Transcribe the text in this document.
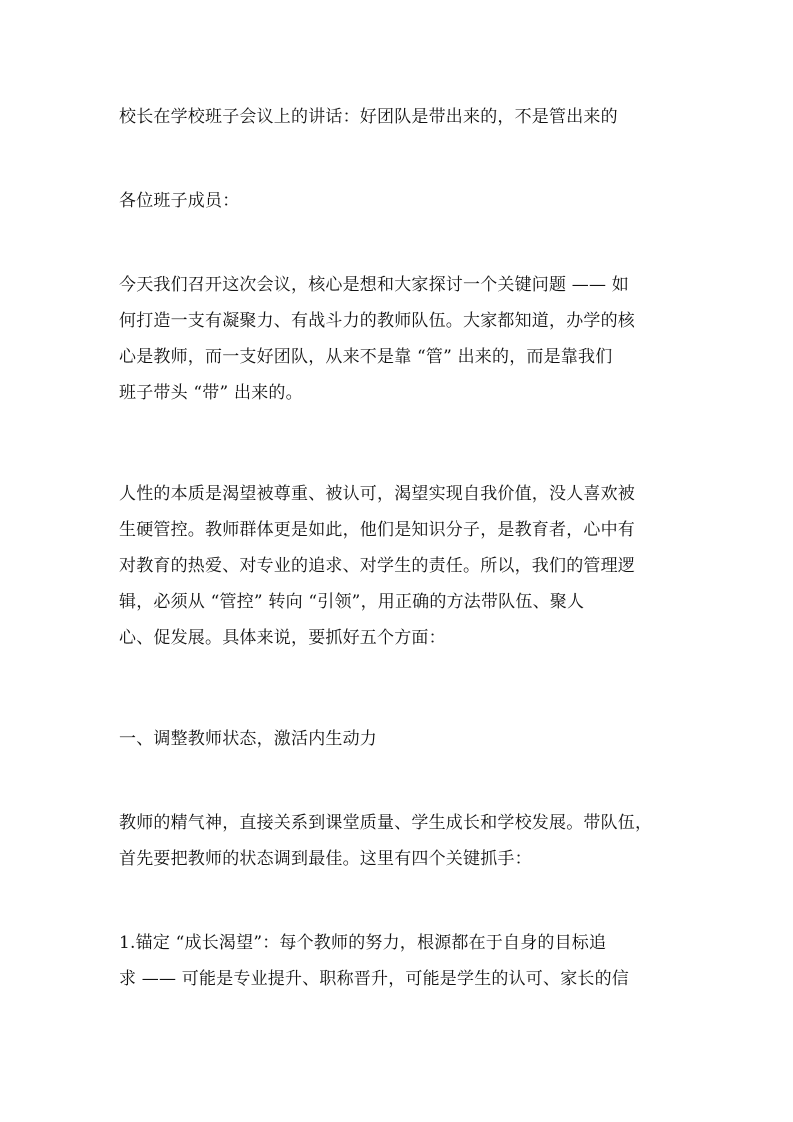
校长在学校班子会议上的讲话：好团队是带出来的，不是管出来的
各位班子成员：
今天我们召开这次会议，核心是想和大家探讨一个关键问题 —— 如
何打造一支有凝聚力、有战斗力的教师队伍。大家都知道，办学的核
心是教师，而一支好团队，从来不是靠 “管” 出来的，而是靠我们
班子带头 “带” 出来的。
人性的本质是渴望被尊重、被认可，渴望实现自我价值，没人喜欢被
生硬管控。教师群体更是如此，他们是知识分子，是教育者，心中有
对教育的热爱、对专业的追求、对学生的责任。所以，我们的管理逻
辑，必须从 “管控” 转向 “引领”，用正确的方法带队伍、聚人
心、促发展。具体来说，要抓好五个方面：
一、调整教师状态，激活内生动力
教师的精气神，直接关系到课堂质量、学生成长和学校发展。带队伍，
首先要把教师的状态调到最佳。这里有四个关键抓手：
1.锚定 “成长渴望”：每个教师的努力，根源都在于自身的目标追
求 —— 可能是专业提升、职称晋升，可能是学生的认可、家长的信
